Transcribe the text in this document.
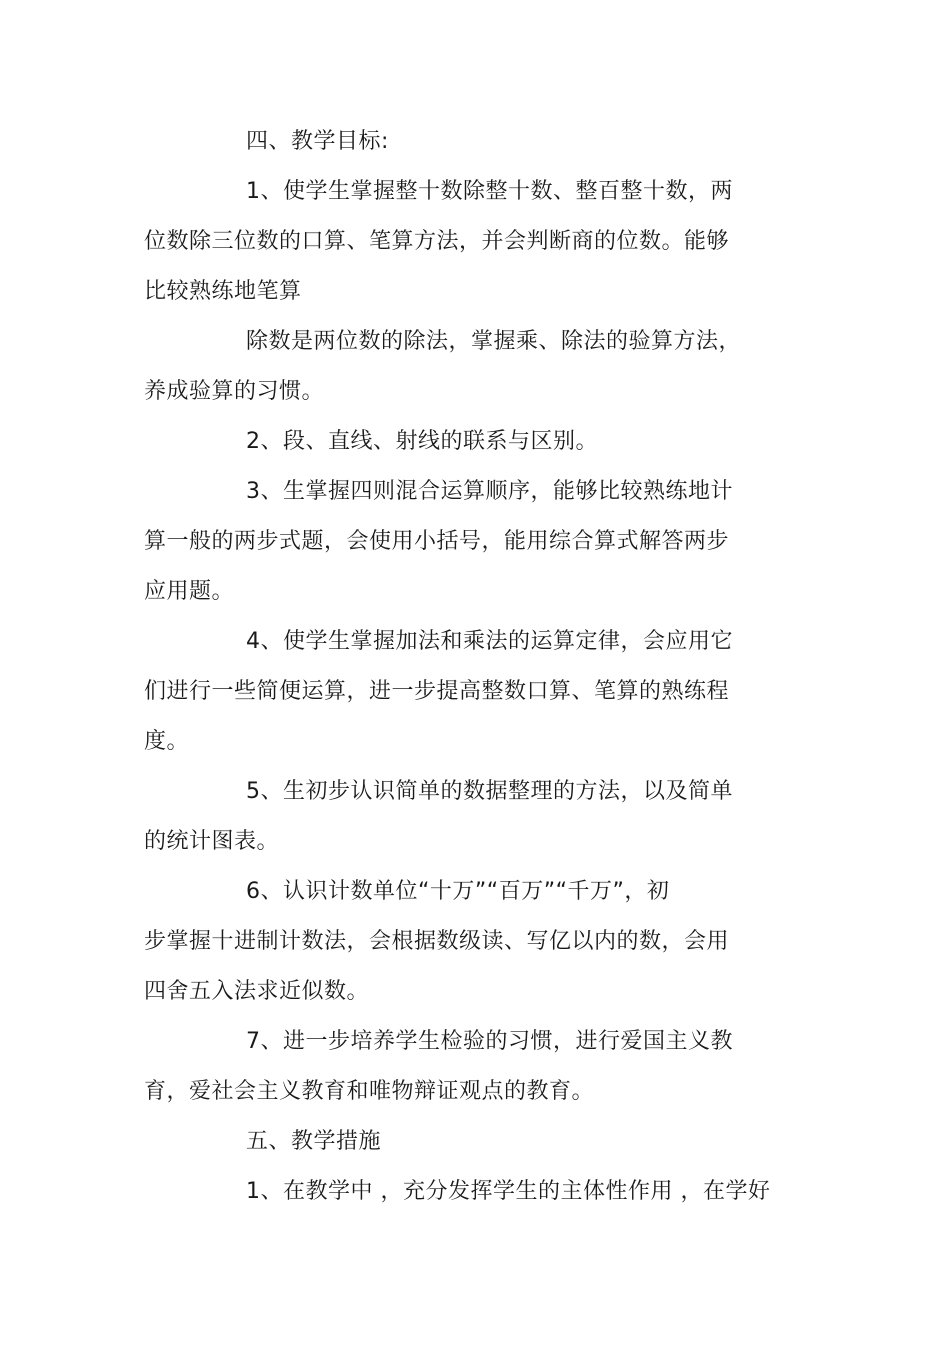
四、教学目标:
1、使学生掌握整十数除整十数、整百整十数，两
位数除三位数的口算、笔算方法，并会判断商的位数。能够
比较熟练地笔算
除数是两位数的除法，掌握乘、除法的验算方法，
养成验算的习惯。
2、段、直线、射线的联系与区别。
3、生掌握四则混合运算顺序，能够比较熟练地计
算一般的两步式题，会使用小括号，能用综合算式解答两步
应用题。
4、使学生掌握加法和乘法的运算定律，会应用它
们进行一些简便运算，进一步提高整数口算、笔算的熟练程
度。
5、生初步认识简单的数据整理的方法，以及简单
的统计图表。
6、认识计数单位“十万”“百万”“千万”，初
步掌握十进制计数法，会根据数级读、写亿以内的数，会用
四舍五入法求近似数。
7、进一步培养学生检验的习惯，进行爱国主义教
育，爱社会主义教育和唯物辩证观点的教育。
五、教学措施
1、在教学中 ，充分发挥学生的主体性作用 ，在学好
